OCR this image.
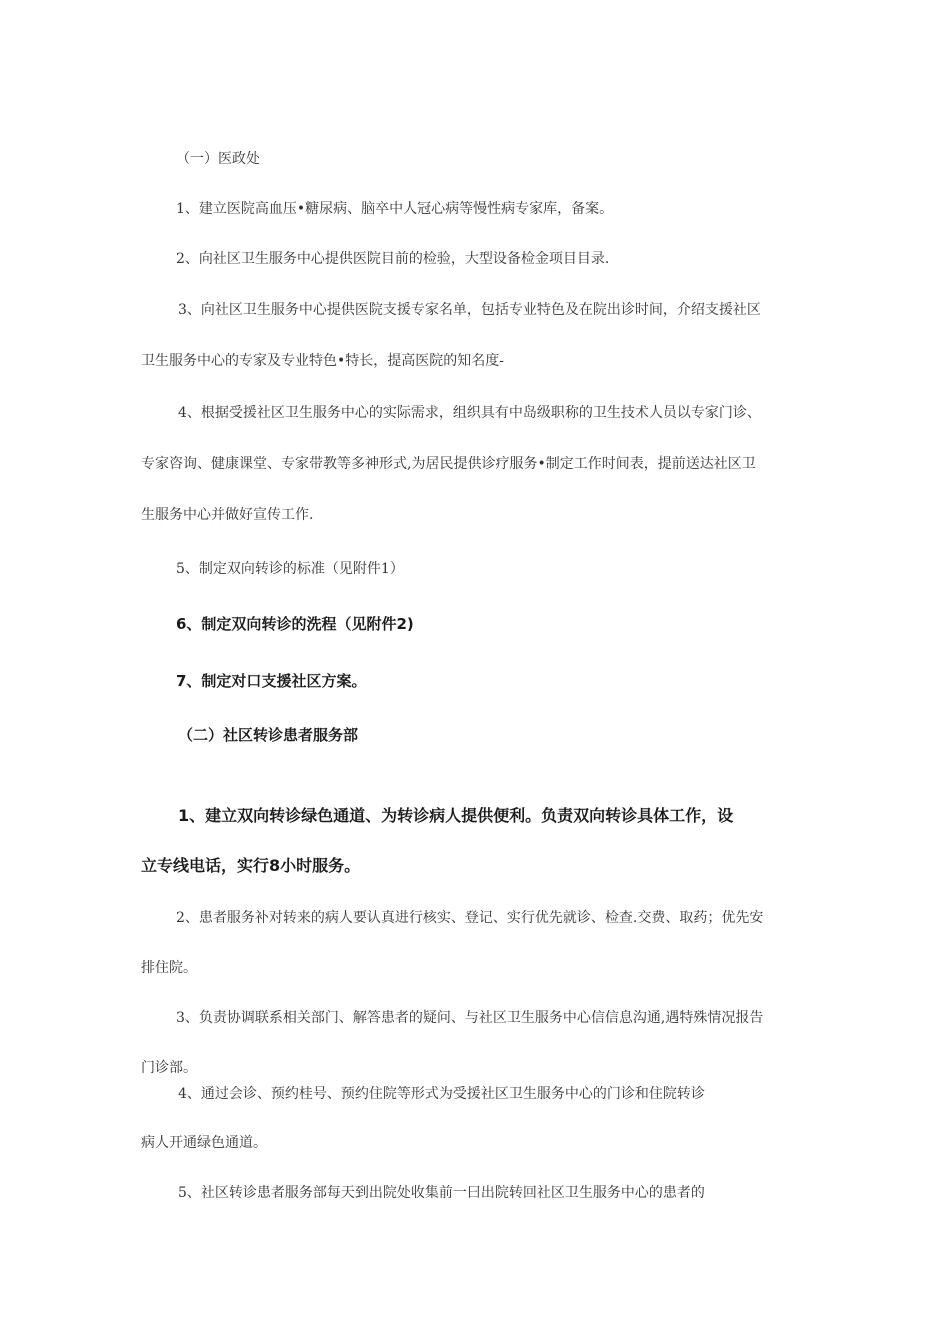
（一）医政处

1、建立医院高血压•糖尿病、脑卒中人冠心病等慢性病专家库，备案。

2、向社区卫生服务中心提供医院目前的检验，大型设备检金项目目录.

3、向社区卫生服务中心提供医院支援专家名单，包括专业特色及在院出诊时间，介绍支援社区

卫生服务中心的专家及专业特色•特长，提高医院的知名度-

4、根据受援社区卫生服务中心的实际需求，组织具有中岛级职称的卫生技术人员以专家门诊、

专家咨询、健康课堂、专家带教等多神形式,为居民提供诊疗服务•制定工作时间表，提前送达社区卫

生服务中心并做好宣传工作.

5、制定双向转诊的标准（见附件1）

6、制定双向转诊的洗程（见附件2)

7、制定对口支援社区方案。

（二）社区转诊患者服务部

1、建立双向转诊绿色通道、为转诊病人提供便利。负责双向转诊具体工作，设

立专线电话，实行8小时服务。

2、患者服务补对转来的病人要认真进行核实、登记、实行优先就诊、检查.交费、取药；优先安

排住院。

3、负责协调联系相关部门、解答患者的疑问、与社区卫生服务中心信信息沟通,遇特殊情况报告

门诊部。

4、通过会诊、预约桂号、预约住院等形式为受援社区卫生服务中心的门诊和住院转诊

病人开通绿色通道。

5、社区转诊患者服务部每天到出院处收集前一曰出院转回社区卫生服务中心的患者的
